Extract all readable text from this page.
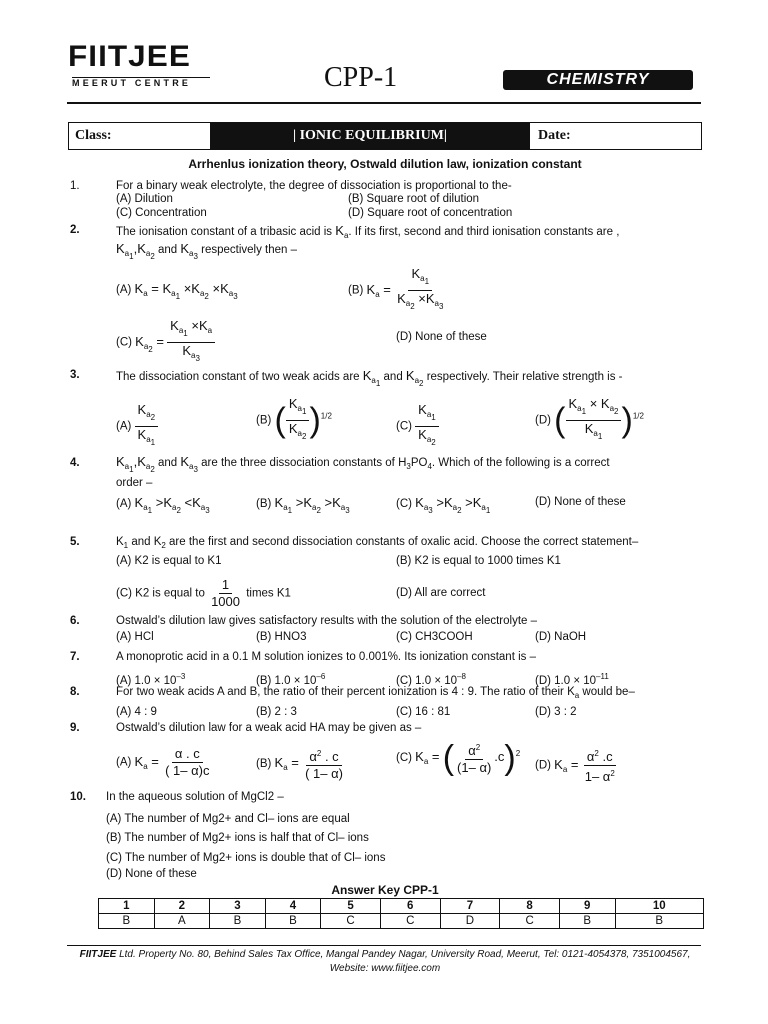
FIITJEE
MEERUT CENTRE	CPP-1	CHEMISTRY
Class:	| IONIC EQUILIBRIUM|	Date:
Arrhenlus ionization theory, Ostwald dilution law, ionization constant
1.	For a binary weak electrolyte, the degree of dissociation is proportional to the-
(A) Dilution	(B) Square root of dilution
(C) Concentration	(D) Square root of concentration
2.	The ionisation constant of a tribasic acid is $K_a$. If its first, second and third ionisation constants are ,
$K_{a_1},K_{a_2}$ and $K_{a_3}$ respectively then –
(A) $K_a = K_{a_1} \times K_{a_2} \times K_{a_3}$	(B) $K_a = \frac{K_{a_1}}{K_{a_2} \times K_{a_3}}$
(C) $K_{a_2} = \frac{K_{a_1} \times K_a}{K_{a_3}}$	(D) None of these
3.	The dissociation constant of two weak acids are $K_{a_1}$ and $K_{a_2}$ respectively. Their relative strength is -
$(A) \frac{K_{a_2}}{K_{a_1}}$	(B) ( $\frac{K_{a_1}}{K_{a_2}} )^{1/2}$
$(C) \frac{K_{a_1}}{K_{a_2}}$	(D) ( $\frac{K_{a_1} \times K_{a_2}}{K_{a_1}} )^{1/2}$
4.	$K_{a_1},K_{a_2}$ and $K_{a_3}$ are the three dissociation constants of $H_3PO_4$. Which of the following is a correct
order –
(A) $K_{a_1} >K_{a_2} <K_{a_3}$
(B) $K_{a_1} >K_{a_2} >K_{a_3}$
(C) $K_{a_3} >K_{a_2} >K_{a_1}$
(D) None of these
5.	$K_1$ and $K_2$ are the first and second dissociation constants of oxalic acid. Choose the correct statement–
(A) K2 is equal to K1	(B) K2 is equal to 1000 times K1
(C) K2 is equal to $\frac{1}{1000}$ times K1	(D) All are correct
6.	Ostwald’s dilution law gives satisfactory results with the solution of the electrolyte –
(A) HCl	(B) HNO3	(C) CH3COOH	(D) NaOH
7.	A monoprotic acid in a 0.1 M solution ionizes to 0.001%. Its ionization constant is –
(A) $1.0 \times 10^{-3}$	(B) $1.0 \times 10^{-6}$	(C) $1.0 \times 10^{-8}$	(D) $1.0 \times 10^{-11}$
8.	For two weak acids A and B, the ratio of their percent ionization is 4 : 9. The ratio of their $K_a$ would be–
(A) 4 : 9	(B) 2 : 3	(C) 16 : 81	(D) 3 : 2
9.	Ostwald’s dilution law for a weak acid HA may be given as –
(A) $K_a = \frac{\alpha . c}{( 1- \alpha)c}$	(B) $K_a = \frac{\alpha^2 . c}{( 1- \alpha)}$	(C) $K_a$ = ( $\frac{\alpha^2}{(1- \alpha)} .c)^2$
(D) $K_a = \frac{\alpha^2 .c}{1- \alpha^2}$
10. In the aqueous solution of MgCl2 –
(A) The number of Mg2+ and Cl– ions are equal
(B) The number of Mg2+ ions is half that of Cl– ions
(C) The number of Mg2+ ions is double that of Cl– ions
(D) None of these
Answer Key CPP-1
1	2	3	4	5	6	7	8	9	10
B	A	B	B	C	C	D	C	B	B
FIITJEE Ltd. Property No. 80, Behind Sales Tax Office, Mangal Pandey Nagar, University Road, Meerut, Tel: 0121-4054378, 7351004567,
Website: www.fiitjee.com
